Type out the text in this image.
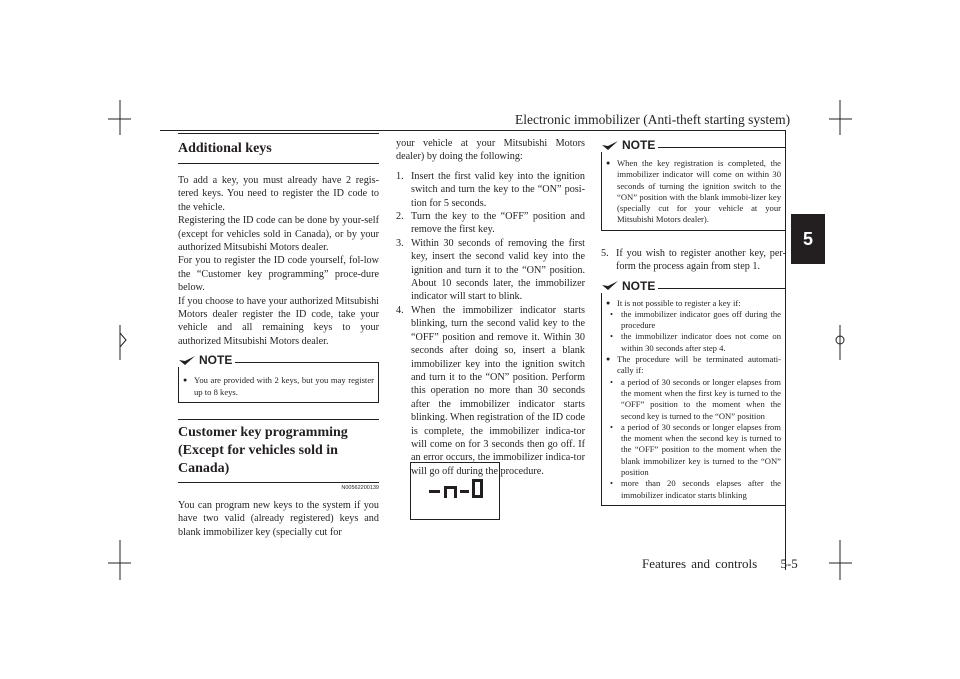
Electronic immobilizer (Anti-theft starting system)
5
Additional keys
To add a key, you must already have 2 regis-tered keys. You need to register the ID code to the vehicle.
Registering the ID code can be done by your-self (except for vehicles sold in Canada), or by your authorized Mitsubishi Motors dealer.
For you to register the ID code yourself, fol-low the “Customer key programming” proce-dure below.
If you choose to have your authorized Mitsubishi Motors dealer register the ID code, take your vehicle and all remaining keys to your authorized Mitsubishi Motors dealer.
NOTE
● You are provided with 2 keys, but you may register up to 8 keys.
Customer key programming (Except for vehicles sold in Canada)
N00562200139
You can program new keys to the system if you have two valid (already registered) keys and blank immobilizer key (specially cut for
your vehicle at your Mitsubishi Motors dealer) by doing the following:
1. Insert the first valid key into the ignition switch and turn the key to the “ON” posi-tion for 5 seconds.
2. Turn the key to the “OFF” position and remove the first key.
3. Within 30 seconds of removing the first key, insert the second valid key into the ignition and turn it to the “ON” position. About 10 seconds later, the immobilizer indicator will start to blink.
4. When the immobilizer indicator starts blinking, turn the second valid key to the “OFF” position and remove it. Within 30 seconds after doing so, insert a blank immobilizer key into the ignition switch and turn it to the “ON” position. Perform this operation no more than 30 seconds after the immobilizer indicator starts blinking. When registration of the ID code is complete, the immobilizer indica-tor will come on for 3 seconds then go off. If an error occurs, the immobilizer indica-tor will go off during the procedure.
NOTE
● When the key registration is completed, the immobilizer indicator will come on within 30 seconds of turning the ignition switch to the “ON” position with the blank immobi-lizer key (specially cut for your vehicle at your Mitsubishi Motors dealer).
5. If you wish to register another key, per-form the process again from step 1.
NOTE
● It is not possible to register a key if:
• the immobilizer indicator goes off during the procedure
• the immobilizer indicator does not come on within 30 seconds after step 4.
● The procedure will be terminated automati-cally if:
• a period of 30 seconds or longer elapses from the moment when the first key is turned to the “OFF” position to the moment when the second key is turned to the “ON” position
• a period of 30 seconds or longer elapses from the moment when the second key is turned to the “OFF” position to the moment when the blank immobilizer key is turned to the “ON” position
• more than 20 seconds elapses after the immobilizer indicator starts blinking
Features and controls 5-5
